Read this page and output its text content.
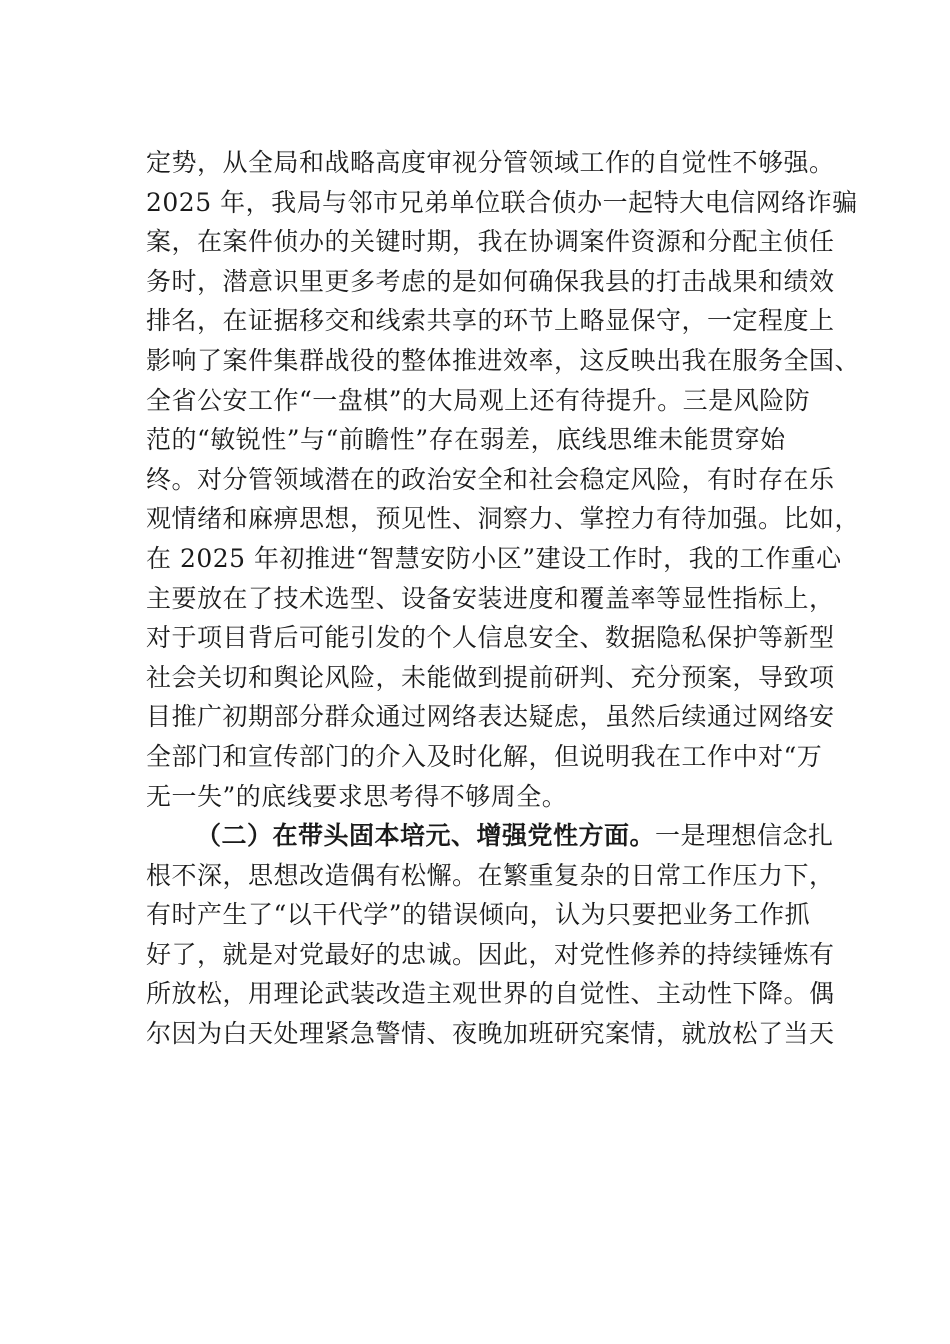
定势，从全局和战略高度审视分管领域工作的自觉性不够强。
2025 年，我局与邻市兄弟单位联合侦办一起特大电信网络诈骗
案，在案件侦办的关键时期，我在协调案件资源和分配主侦任
务时，潜意识里更多考虑的是如何确保我县的打击战果和绩效
排名，在证据移交和线索共享的环节上略显保守，一定程度上
影响了案件集群战役的整体推进效率，这反映出我在服务全国、
全省公安工作“一盘棋”的大局观上还有待提升。三是风险防
范的“敏锐性”与“前瞻性”存在弱差，底线思维未能贯穿始
终。对分管领域潜在的政治安全和社会稳定风险，有时存在乐
观情绪和麻痹思想，预见性、洞察力、掌控力有待加强。比如，
在 2025 年初推进“智慧安防小区”建设工作时，我的工作重心
主要放在了技术选型、设备安装进度和覆盖率等显性指标上，
对于项目背后可能引发的个人信息安全、数据隐私保护等新型
社会关切和舆论风险，未能做到提前研判、充分预案，导致项
目推广初期部分群众通过网络表达疑虑，虽然后续通过网络安
全部门和宣传部门的介入及时化解，但说明我在工作中对“万
无一失”的底线要求思考得不够周全。
（二）在带头固本培元、增强党性方面。一是理想信念扎
根不深，思想改造偶有松懈。在繁重复杂的日常工作压力下，
有时产生了“以干代学”的错误倾向，认为只要把业务工作抓
好了，就是对党最好的忠诚。因此，对党性修养的持续锤炼有
所放松，用理论武装改造主观世界的自觉性、主动性下降。偶
尔因为白天处理紧急警情、夜晚加班研究案情，就放松了当天
